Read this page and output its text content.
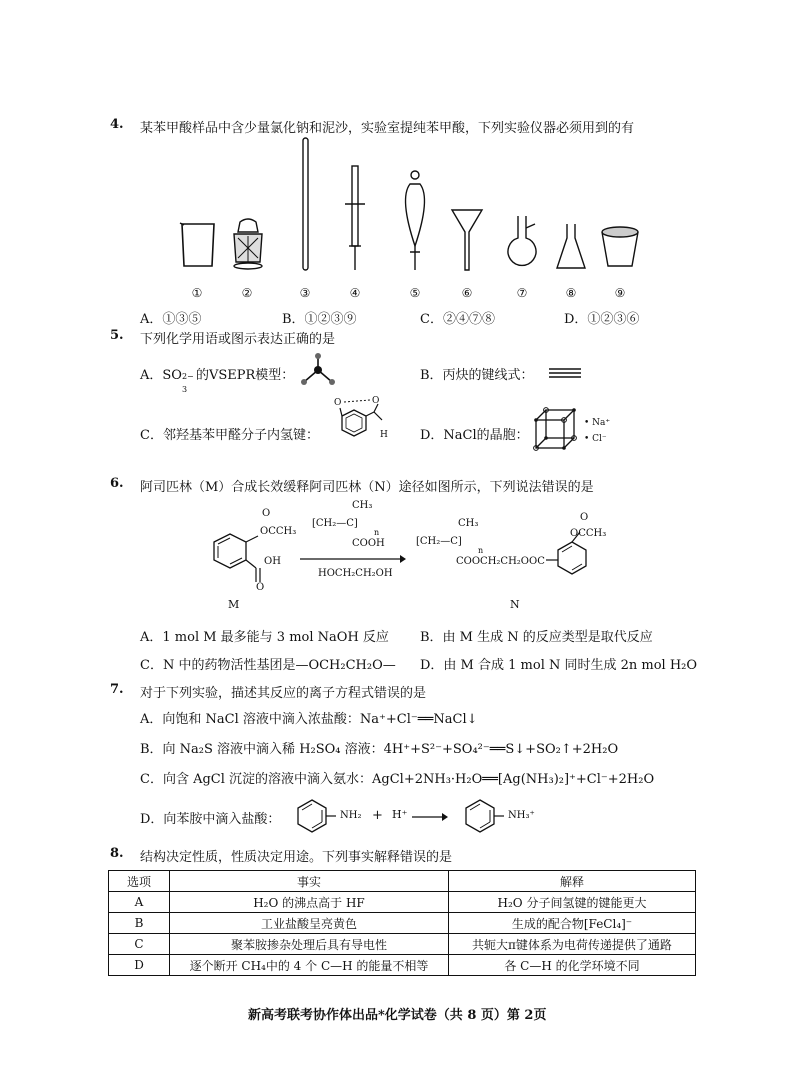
4. 某苯甲酸样品中含少量氯化钠和泥沙，实验室提纯苯甲酸，下列实验仪器必须用到的有
①	②	③	④	⑤	⑥	⑦	⑧	⑨
A．①③⑤	B．①②③⑨	C．②④⑦⑧	D．①②③⑥
5. 下列化学用语或图示表达正确的是
A．SO
3
2− 的VSEPR模型：	B．丙炔的键线式：
C．邻羟基苯甲醛分子内氢键：
O	O
H D．NaCl的晶胞：
• Na⁺
• Cl⁻
6. 阿司匹林（M）合成长效缓释阿司匹林（N）途径如图所示，下列说法错误的是
O
OCCH₃
OH
O
M
CH₃
[CH₂—C]
n
COOH
HOCH₂CH₂OH
CH₃
[CH₂—C]
n
COOCH₂CH₂OOC
O
OCCH₃
N
A．1 mol M 最多能与 3 mol NaOH 反应 B．由 M 生成 N 的反应类型是取代反应
C．N 中的药物活性基团是—OCH₂CH₂O— D．由 M 合成 1 mol N 同时生成 2n mol H₂O
7. 对于下列实验，描述其反应的离子方程式错误的是
A．向饱和 NaCl 溶液中滴入浓盐酸：Na⁺+Cl⁻══NaCl↓
B．向 Na₂S 溶液中滴入稀 H₂SO₄ 溶液：4H⁺+S²⁻+SO₄²⁻══S↓+SO₂↑+2H₂O
C．向含 AgCl 沉淀的溶液中滴入氨水：AgCl+2NH₃·H₂O══[Ag(NH₃)₂]⁺+Cl⁻+2H₂O
D．向苯胺中滴入盐酸：	NH₂ + H⁺ →	NH₃⁺
8. 结构决定性质，性质决定用途。下列事实解释错误的是
选项	事实	解释
A	H₂O 的沸点高于 HF	H₂O 分子间氢键的键能更大
B	工业盐酸呈亮黄色	生成的配合物[FeCl₄]⁻
C	聚苯胺掺杂处理后具有导电性	共轭大π键体系为电荷传递提供了通路
D	逐个断开 CH₄中的 4 个 C—H 的能量不相等	各 C—H 的化学环境不同
新高考联考协作体出品*化学试卷（共 8 页）第 2页
